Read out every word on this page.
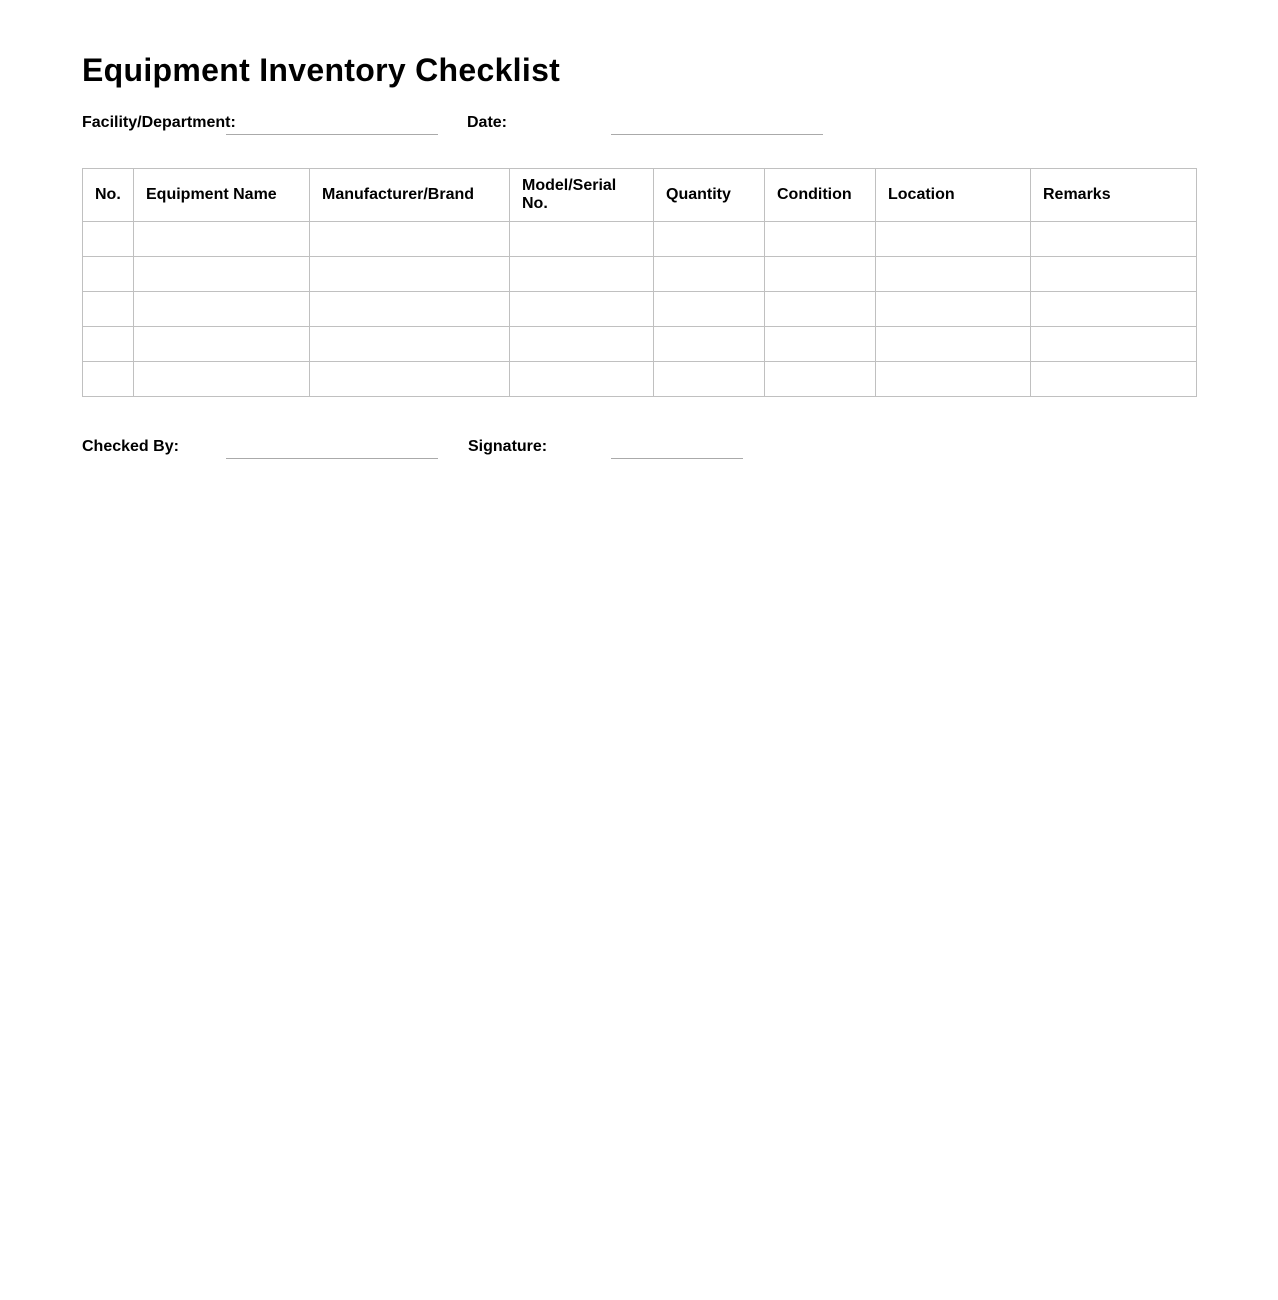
Equipment Inventory Checklist
Facility/Department:	Date:
No.	Equipment Name	Manufacturer/Brand	Model/Serial No.	Quantity	Condition	Location	Remarks

Checked By:	Signature:
